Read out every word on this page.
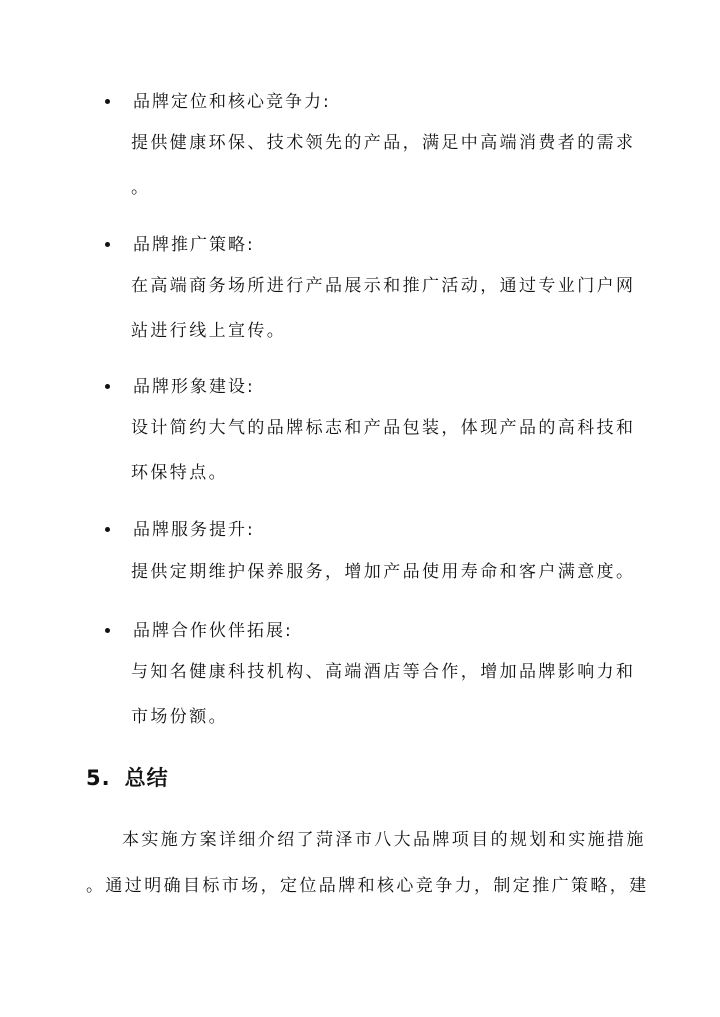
品牌定位和核心竞争力:
提供健康环保、技术领先的产品，满足中高端消费者的需求
。
品牌推广策略:
在高端商务场所进行产品展示和推广活动，通过专业门户网
站进行线上宣传。
品牌形象建设:
设计简约大气的品牌标志和产品包装，体现产品的高科技和
环保特点。
品牌服务提升:
提供定期维护保养服务，增加产品使用寿命和客户满意度。
品牌合作伙伴拓展:
与知名健康科技机构、高端酒店等合作，增加品牌影响力和
市场份额。
5. 总结
本实施方案详细介绍了菏泽市八大品牌项目的规划和实施措施
。通过明确目标市场，定位品牌和核心竞争力，制定推广策略，建
